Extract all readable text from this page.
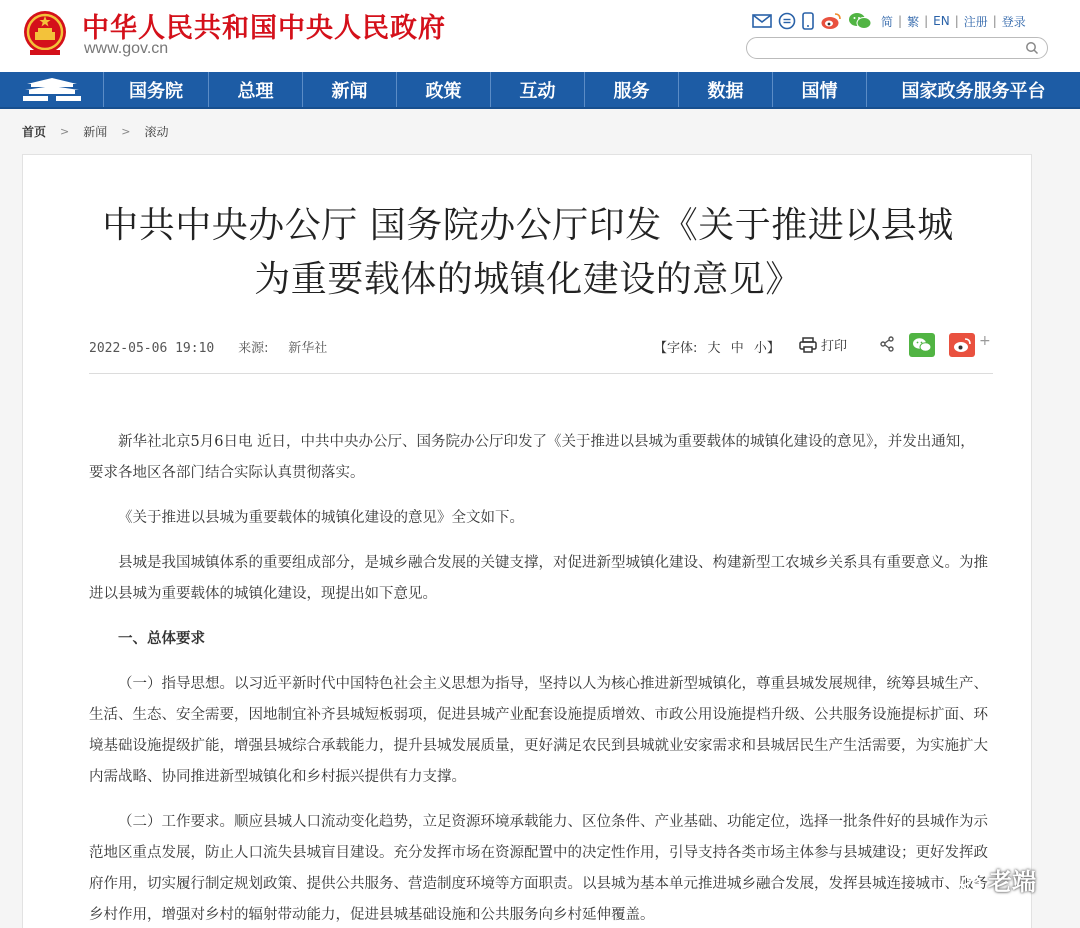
中华人民共和国中央人民政府
www.gov.cn
简 | 繁 | EN | 注册 | 登录
国务院	总理	新闻	政策	互动	服务	数据	国情	国家政务服务平台
首页 > 新闻 > 滚动
中共中央办公厅 国务院办公厅印发《关于推进以县城
为重要载体的城镇化建设的意见》
2022-05-06 19:10 来源: 新华社	【字体: 大 中 小】	打印	+

新华社北京5月6日电 近日，中共中央办公厅、国务院办公厅印发了《关于推进以县城为重要载体的城镇化建设的意见》，并发出通知，要求各地区各部门结合实际认真贯彻落实。

《关于推进以县城为重要载体的城镇化建设的意见》全文如下。

县城是我国城镇体系的重要组成部分，是城乡融合发展的关键支撑，对促进新型城镇化建设、构建新型工农城乡关系具有重要意义。为推进以县城为重要载体的城镇化建设，现提出如下意见。

一、总体要求

（一）指导思想。以习近平新时代中国特色社会主义思想为指导，坚持以人为核心推进新型城镇化，尊重县城发展规律，统筹县城生产、生活、生态、安全需要，因地制宜补齐县城短板弱项，促进县城产业配套设施提质增效、市政公用设施提档升级、公共服务设施提标扩面、环境基础设施提级扩能，增强县城综合承载能力，提升县城发展质量，更好满足农民到县城就业安家需求和县城居民生产生活需要，为实施扩大内需战略、协同推进新型城镇化和乡村振兴提供有力支撑。

（二）工作要求。顺应县城人口流动变化趋势，立足资源环境承载能力、区位条件、产业基础、功能定位，选择一批条件好的县城作为示范地区重点发展，防止人口流失县城盲目建设。充分发挥市场在资源配置中的决定性作用，引导支持各类市场主体参与县城建设；更好发挥政府作用，切实履行制定规划政策、提供公共服务、营造制度环境等方面职责。以县城为基本单元推进城乡融合发展，发挥县城连接城市、服务乡村作用，增强对乡村的辐射带动能力，促进县城基础设施和公共服务向乡村延伸覆盖。

老端
